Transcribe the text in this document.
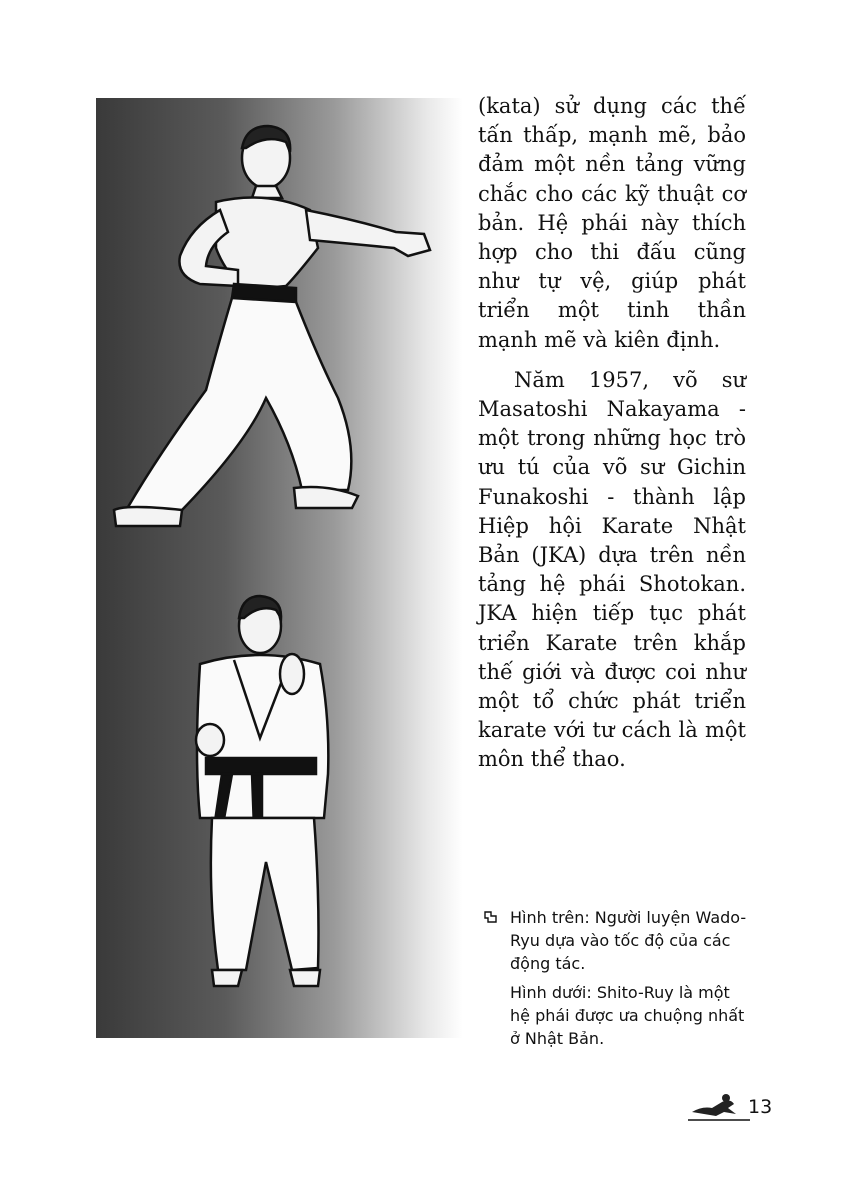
(kata) sử dụng các thế tấn thấp, mạnh mẽ, bảo đảm một nền tảng vững chắc cho các kỹ thuật cơ bản. Hệ phái này thích hợp cho thi đấu cũng như tự vệ, giúp phát triển một tinh thần mạnh mẽ và kiên định.

Năm 1957, võ sư Masatoshi Nakayama - một trong những học trò ưu tú của võ sư Gichin Funakoshi - thành lập Hiệp hội Karate Nhật Bản (JKA) dựa trên nền tảng hệ phái Shotokan. JKA hiện tiếp tục phát triển Karate trên khắp thế giới và được coi như một tổ chức phát triển karate với tư cách là một môn thể thao.

Hình trên: Người luyện Wado-Ryu dựa vào tốc độ của các động tác.

Hình dưới: Shito-Ruy là một hệ phái được ưa chuộng nhất ở Nhật Bản.

13
